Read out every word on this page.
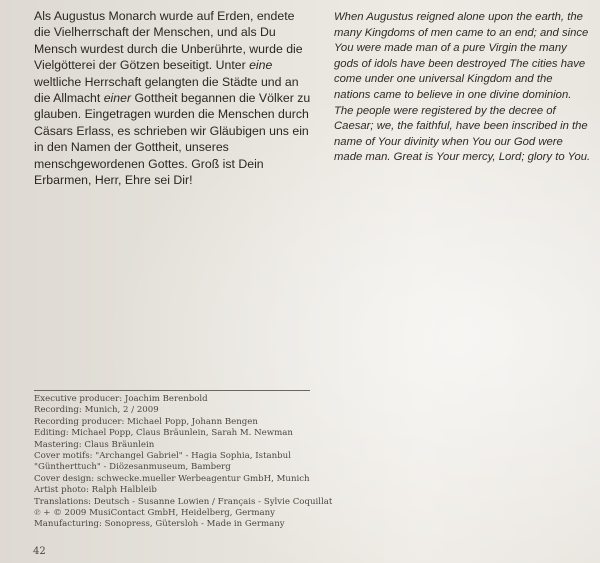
Als Augustus Monarch wurde auf Erden, endete die Vielherrschaft der Menschen, und als Du Mensch wurdest durch die Unberührte, wurde die Vielgötterei der Götzen beseitigt. Unter eine weltliche Herrschaft gelangten die Städte und an die Allmacht einer Gottheit begannen die Völker zu glauben. Eingetragen wurden die Menschen durch Cäsars Erlass, es schrieben wir Gläubigen uns ein in den Namen der Gottheit, unseres menschgewordenen Gottes. Groß ist Dein Erbarmen, Herr, Ehre sei Dir!
When Augustus reigned alone upon the earth, the many Kingdoms of men came to an end; and since You were made man of a pure Virgin the many gods of idols have been destroyed The cities have come under one universal Kingdom and the nations came to believe in one divine dominion. The people were registered by the decree of Caesar; we, the faithful, have been inscribed in the name of Your divinity when You our God were made man. Great is Your mercy, Lord; glory to You.
Executive producer: Joachim Berenbold
Recording: Munich, 2 / 2009
Recording producer: Michael Popp, Johann Bengen
Editing: Michael Popp, Claus Bräunlein, Sarah M. Newman
Mastering: Claus Bräunlein
Cover motifs: "Archangel Gabriel" - Hagia Sophia, Istanbul
"Güntherttuch" - Diözesanmuseum, Bamberg
Cover design: schwecke.mueller Werbeagentur GmbH, Munich
Artist photo: Ralph Halbleib
Translations: Deutsch - Susanne Lowien / Français - Sylvie Coquillat
℗ + © 2009 MusiContact GmbH, Heidelberg, Germany
Manufacturing: Sonopress, Gütersloh - Made in Germany
42
